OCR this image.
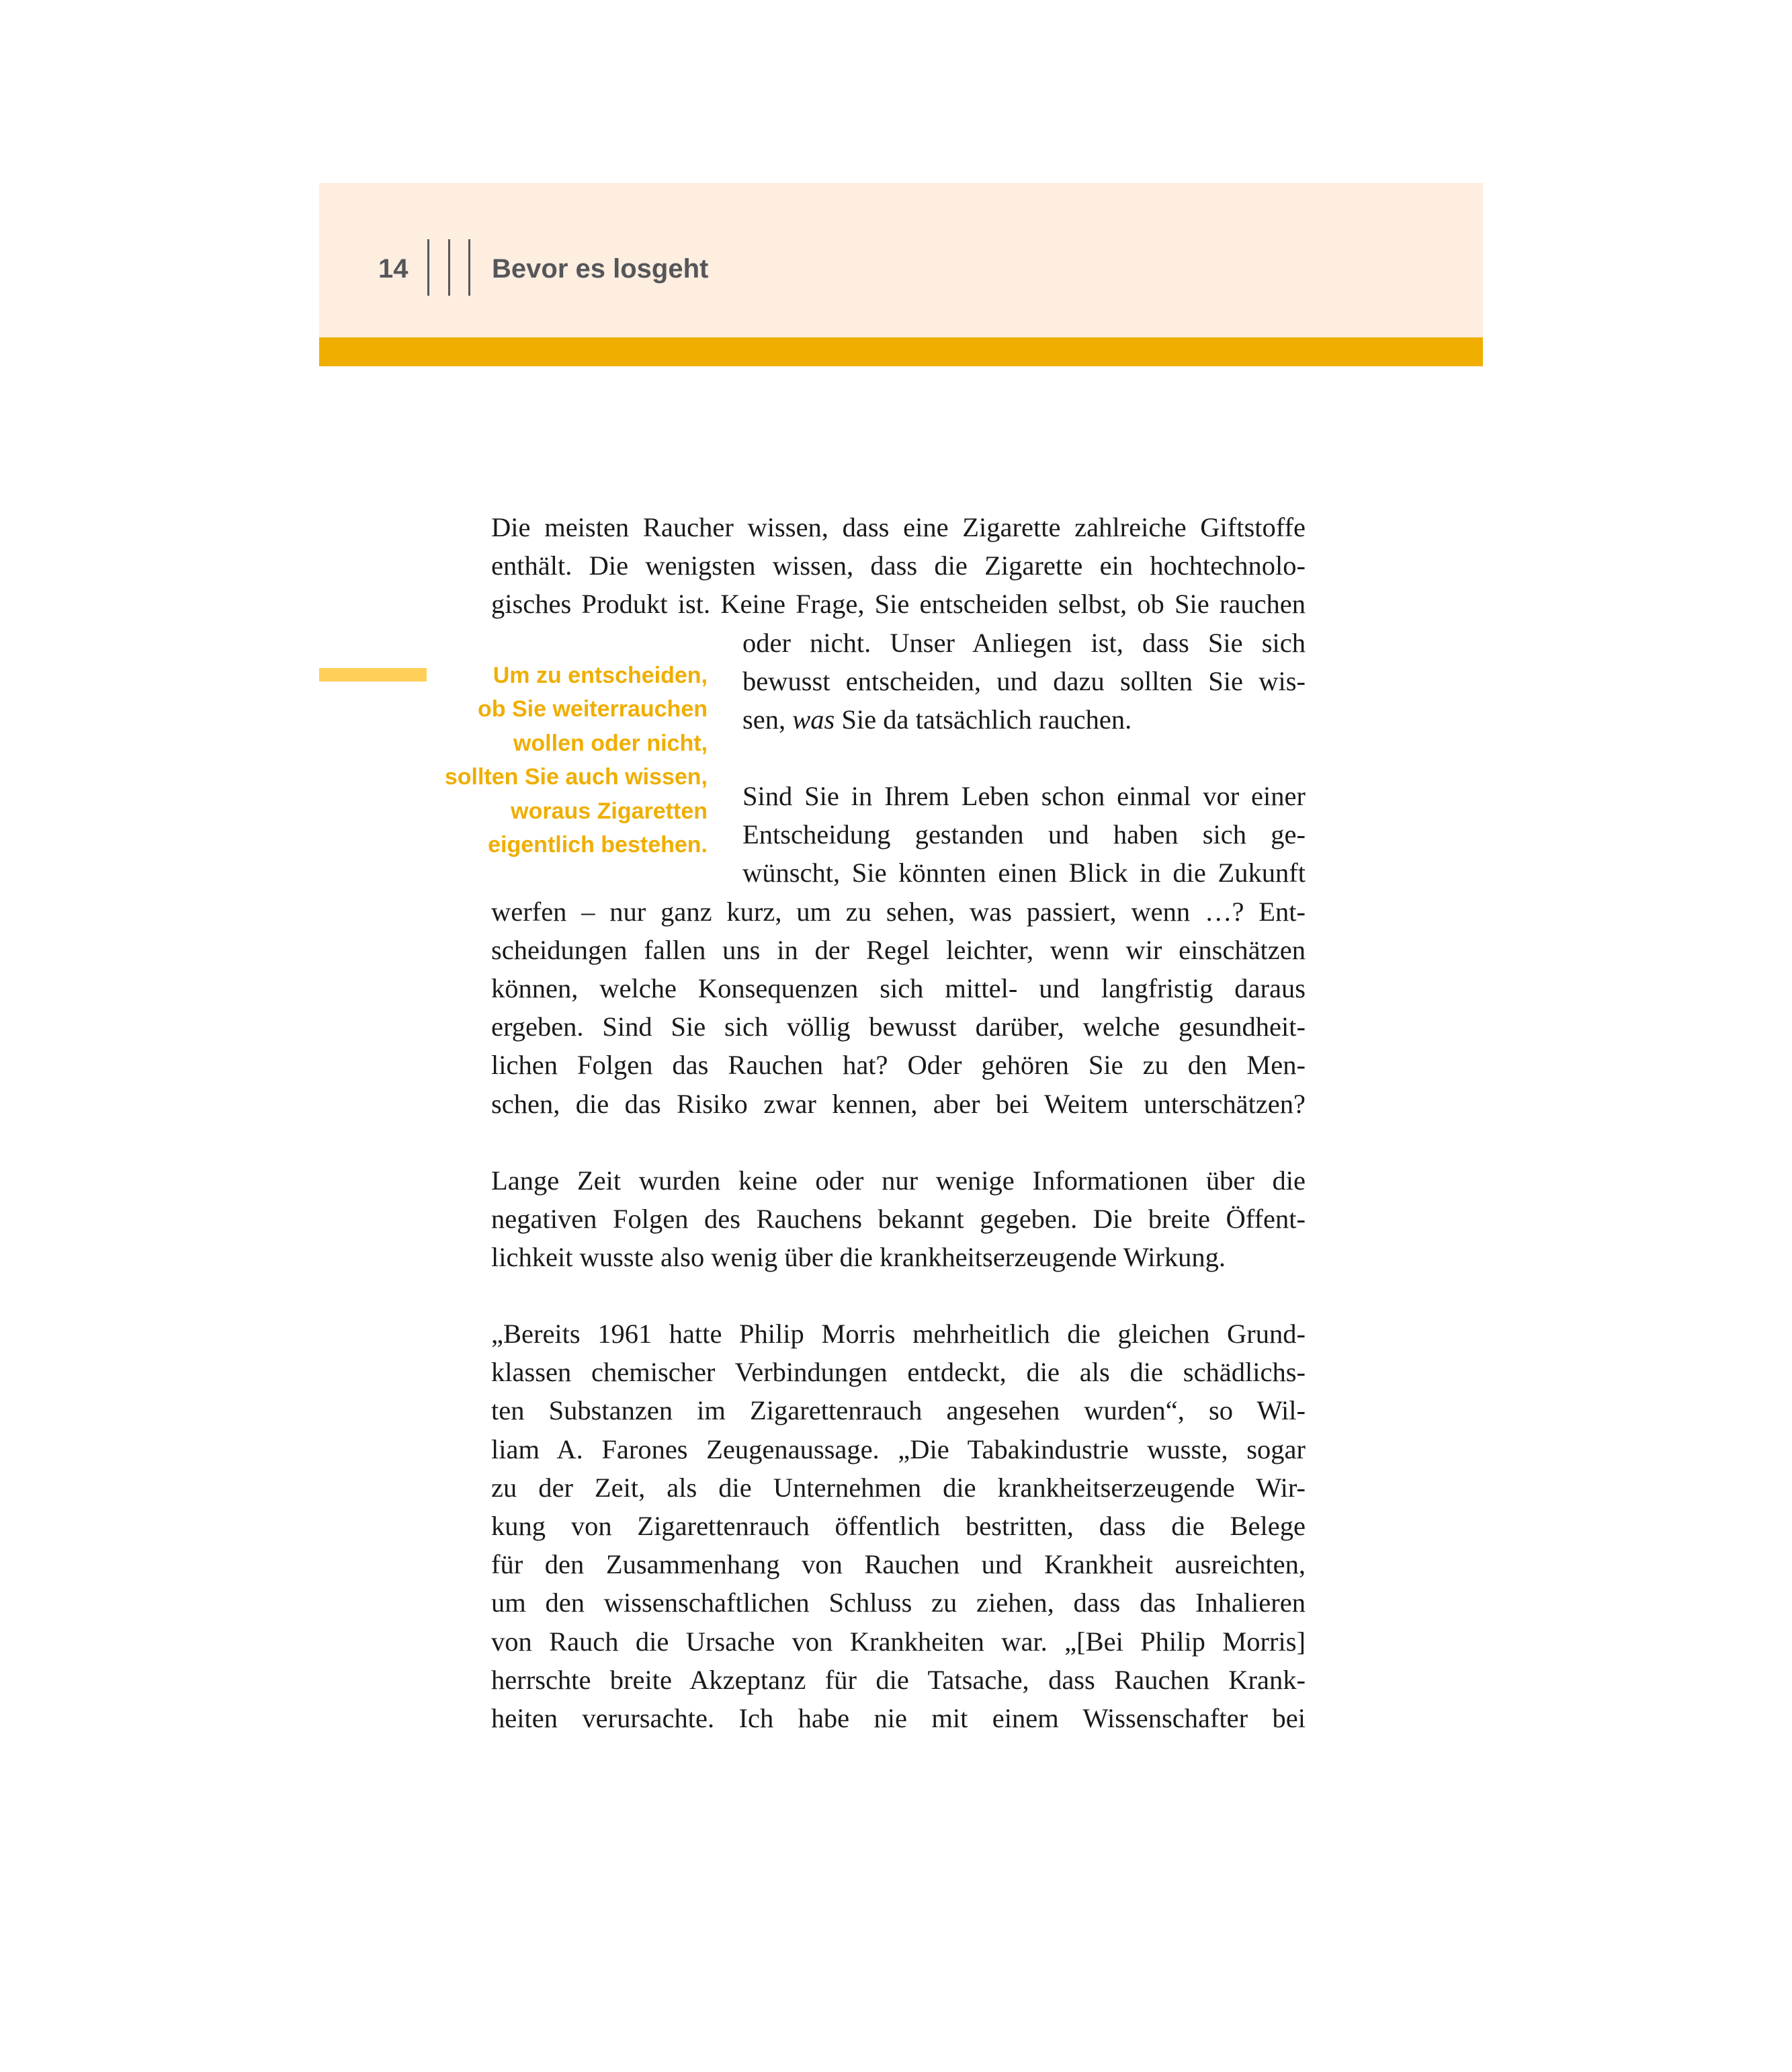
14	Bevor es losgeht
Um zu entscheiden,
ob Sie weiterrauchen
wollen oder nicht,
sollten Sie auch wissen,
woraus Zigaretten
eigentlich bestehen.
Die meisten Raucher wissen, dass eine Zigarette zahlreiche Giftstoffe
enthält. Die wenigsten wissen, dass die Zigarette ein hochtechnolo-
gisches Produkt ist. Keine Frage, Sie entscheiden selbst, ob Sie rauchen
oder nicht. Unser Anliegen ist, dass Sie sich
bewusst entscheiden, und dazu sollten Sie wis-
sen, was Sie da tatsächlich rauchen.
Sind Sie in Ihrem Leben schon einmal vor einer
Entscheidung gestanden und haben sich ge-
wünscht, Sie könnten einen Blick in die Zukunft
werfen – nur ganz kurz, um zu sehen, was passiert, wenn …? Ent-
scheidungen fallen uns in der Regel leichter, wenn wir einschätzen
können, welche Konsequenzen sich mittel- und langfristig daraus
ergeben. Sind Sie sich völlig bewusst darüber, welche gesundheit-
lichen Folgen das Rauchen hat? Oder gehören Sie zu den Men-
schen, die das Risiko zwar kennen, aber bei Weitem unterschätzen?
Lange Zeit wurden keine oder nur wenige Informationen über die
negativen Folgen des Rauchens bekannt gegeben. Die breite Öffent-
lichkeit wusste also wenig über die krankheitserzeugende Wirkung.
„Bereits 1961 hatte Philip Morris mehrheitlich die gleichen Grund-
klassen chemischer Verbindungen entdeckt, die als die schädlichs-
ten Substanzen im Zigarettenrauch angesehen wurden“, so Wil-
liam A. Farones Zeugenaussage. „Die Tabakindustrie wusste, sogar
zu der Zeit, als die Unternehmen die krankheitserzeugende Wir-
kung von Zigarettenrauch öffentlich bestritten, dass die Belege
für den Zusammenhang von Rauchen und Krankheit ausreichten,
um den wissenschaftlichen Schluss zu ziehen, dass das Inhalieren
von Rauch die Ursache von Krankheiten war. „[Bei Philip Morris]
herrschte breite Akzeptanz für die Tatsache, dass Rauchen Krank-
heiten verursachte. Ich habe nie mit einem Wissenschafter bei
